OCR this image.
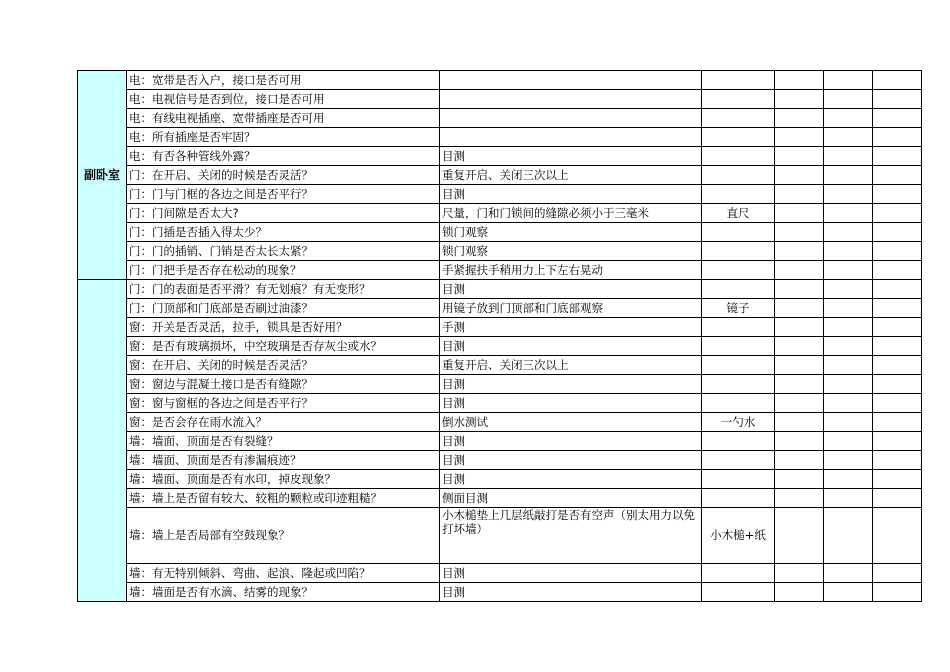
副卧室	电：宽带是否入户，接口是否可用					
	电：电视信号是否到位，接口是否可用					
	电：有线电视插座、宽带插座是否可用					
	电：所有插座是否牢固？					
	电：有否各种管线外露？	目测				
	门：在开启、关闭的时候是否灵活？	重复开启、关闭三次以上				
	门：门与门框的各边之间是否平行？	目测				
	门：门间隙是否太大?	尺量，门和门锁间的缝隙必须小于三毫米	直尺			
	门：门插是否插入得太少？	锁门观察				
	门：门的插销、门销是否太长太紧？	锁门观察				
	门：门把手是否存在松动的现象？	手紧握扶手稍用力上下左右晃动				
	门：门的表面是否平滑？有无划痕？有无变形？	目测				
	门：门顶部和门底部是否刷过油漆？	用镜子放到门顶部和门底部观察	镜子			
	窗：开关是否灵活，拉手，锁具是否好用？	手测				
	窗：是否有玻璃损坏，中空玻璃是否存灰尘或水？	目测				
	窗：在开启、关闭的时候是否灵活？	重复开启、关闭三次以上				
	窗：窗边与混凝土接口是否有缝隙？	目测				
	窗：窗与窗框的各边之间是否平行？	目测				
	窗：是否会存在雨水流入？	倒水测试	一勺水			
	墙：墙面、顶面是否有裂缝？	目测				
	墙：墙面、顶面是否有渗漏痕迹？	目测				
	墙：墙面、顶面是否有水印，掉皮现象？	目测				
	墙：墙上是否留有较大、较粗的颗粒或印迹粗糙？	侧面目测				
	墙：墙上是否局部有空鼓现象？	小木槌垫上几层纸敲打是否有空声（别太用力以免打坏墙）	小木槌+纸			
	墙：有无特别倾斜、弯曲、起浪、隆起或凹陷？	目测				
	墙：墙面是否有水滴、结雾的现象？	目测				
